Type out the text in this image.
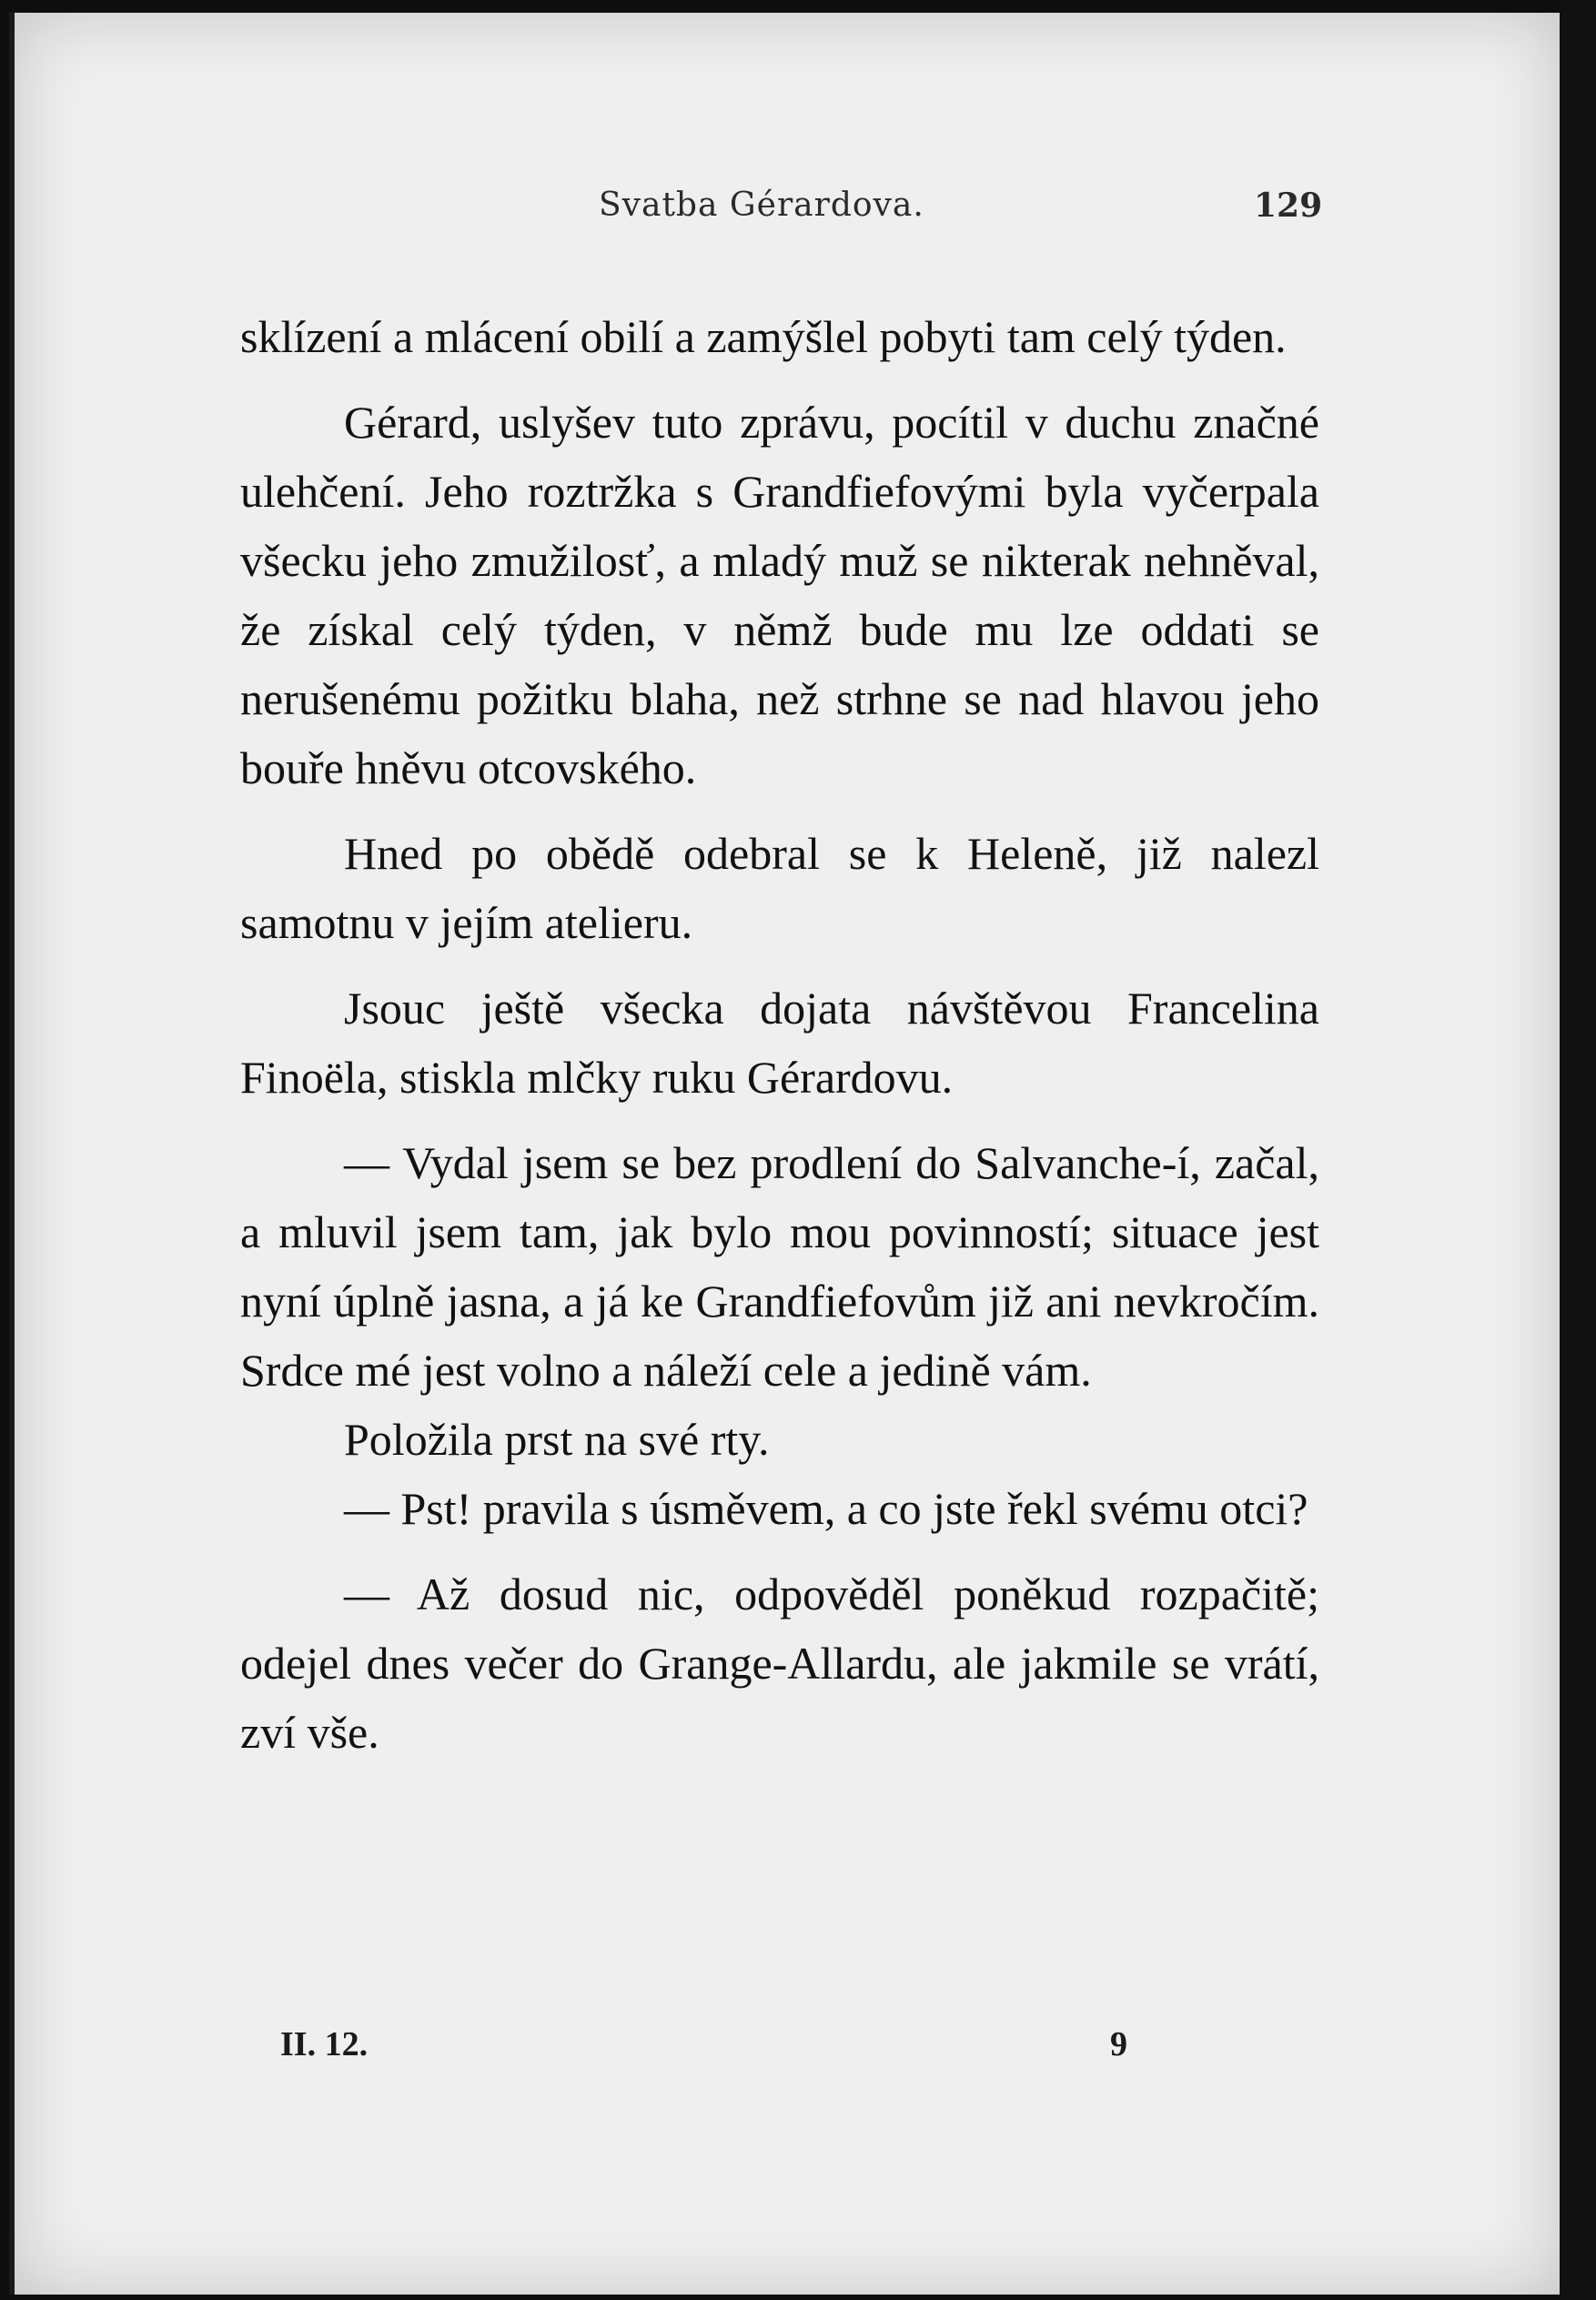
Svatba Gérardova.	129

sklízení a mlácení obilí a zamýšlel pobyti tam celý týden.

Gérard, uslyšev tuto zprávu, pocítil v duchu značné ulehčení. Jeho roztržka s Grandfiefovými byla vyčerpala všecku jeho zmužilosť, a mladý muž se nikterak nehněval, že získal celý týden, v němž bude mu lze oddati se nerušenému požitku blaha, než strhne se nad hlavou jeho bouře hněvu otcovského.

Hned po obědě odebral se k Heleně, již nalezl samotnu v jejím atelieru.

Jsouc ještě všecka dojata návštěvou Francelina Finoëla, stiskla mlčky ruku Gérardovu.

— Vydal jsem se bez prodlení do Salvanche-í, začal, a mluvil jsem tam, jak bylo mou povinností; situace jest nyní úplně jasna, a já ke Grandfiefovům již ani nevkročím. Srdce mé jest volno a náleží cele a jedině vám.

Položila prst na své rty.

— Pst! pravila s úsměvem, a co jste řekl svému otci?

— Až dosud nic, odpověděl poněkud rozpačitě; odejel dnes večer do Grange-Allardu, ale jakmile se vrátí, zví vše.

II. 12.	9
